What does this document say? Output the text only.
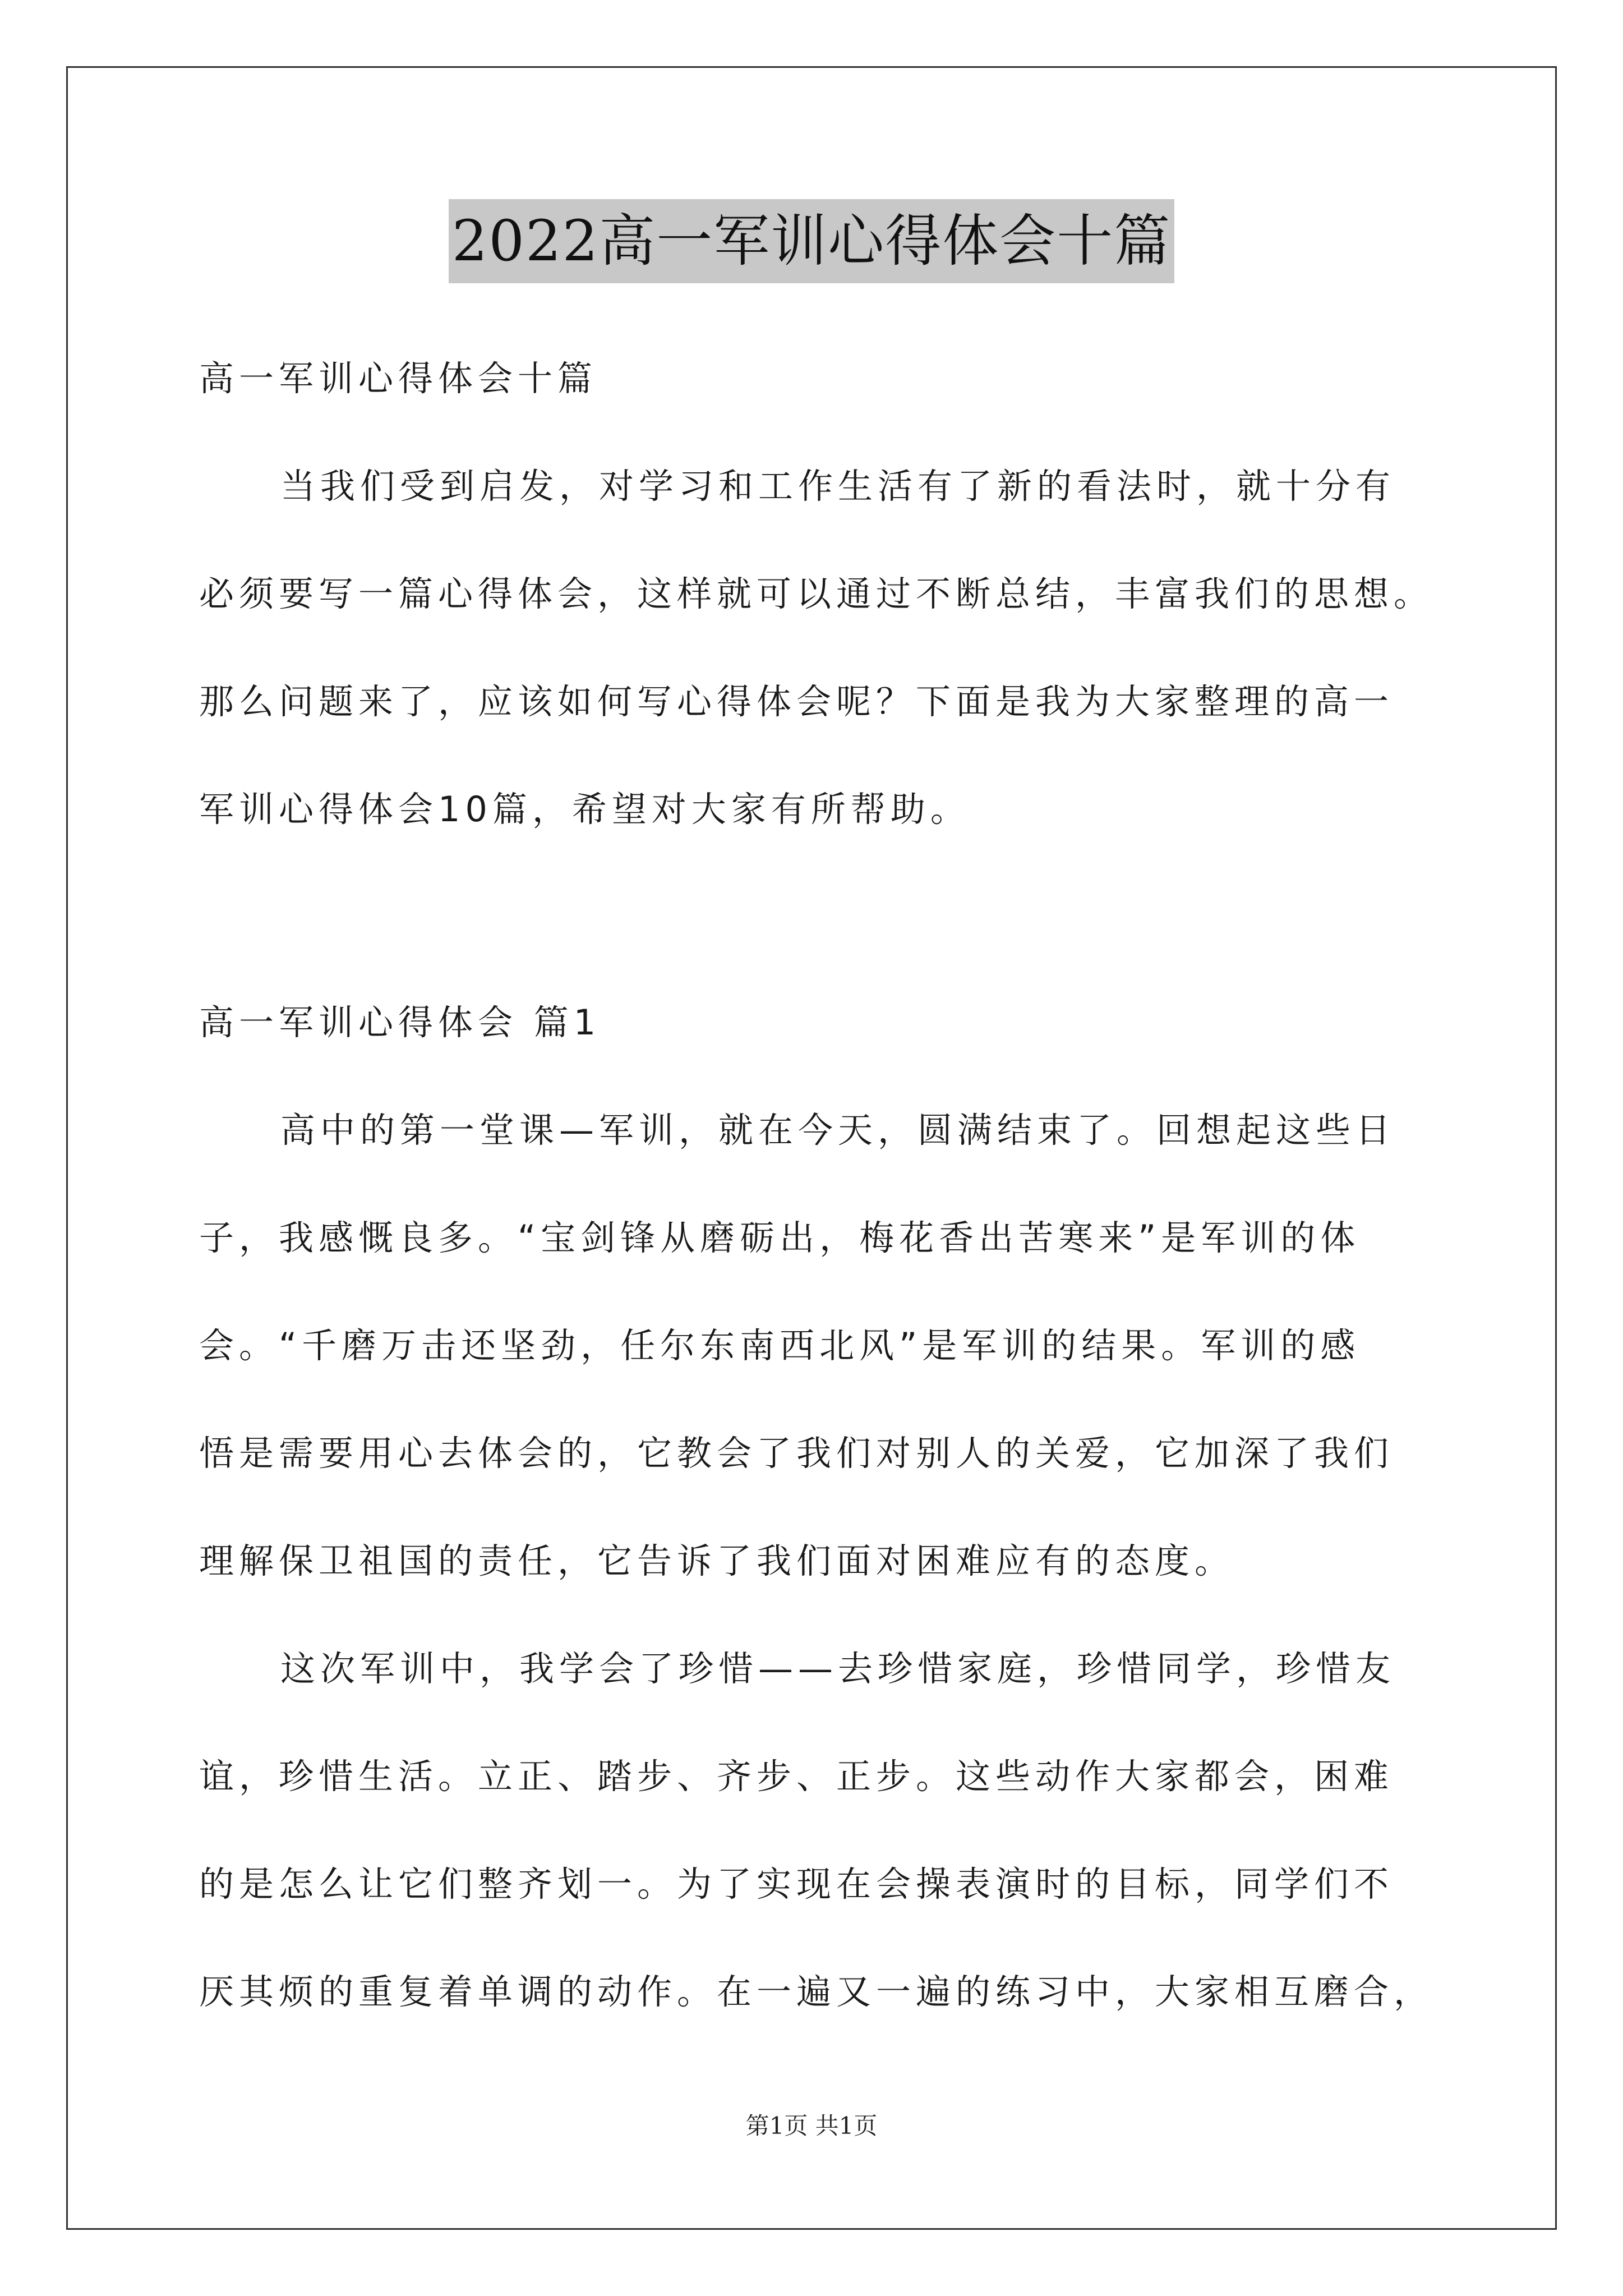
2022高一军训心得体会十篇
高一军训心得体会十篇
当我们受到启发，对学习和工作生活有了新的看法时，就十分有
必须要写一篇心得体会，这样就可以通过不断总结，丰富我们的思想。
那么问题来了，应该如何写心得体会呢？下面是我为大家整理的高一
军训心得体会10篇，希望对大家有所帮助。
高一军训心得体会 篇1
高中的第一堂课—军训，就在今天，圆满结束了。回想起这些日
子，我感慨良多。“宝剑锋从磨砺出，梅花香出苦寒来”是军训的体
会。“千磨万击还坚劲，任尔东南西北风”是军训的结果。军训的感
悟是需要用心去体会的，它教会了我们对别人的关爱，它加深了我们
理解保卫祖国的责任，它告诉了我们面对困难应有的态度。
这次军训中，我学会了珍惜——去珍惜家庭，珍惜同学，珍惜友
谊，珍惜生活。立正、踏步、齐步、正步。这些动作大家都会，困难
的是怎么让它们整齐划一。为了实现在会操表演时的目标，同学们不
厌其烦的重复着单调的动作。在一遍又一遍的练习中，大家相互磨合，
第1页 共1页
